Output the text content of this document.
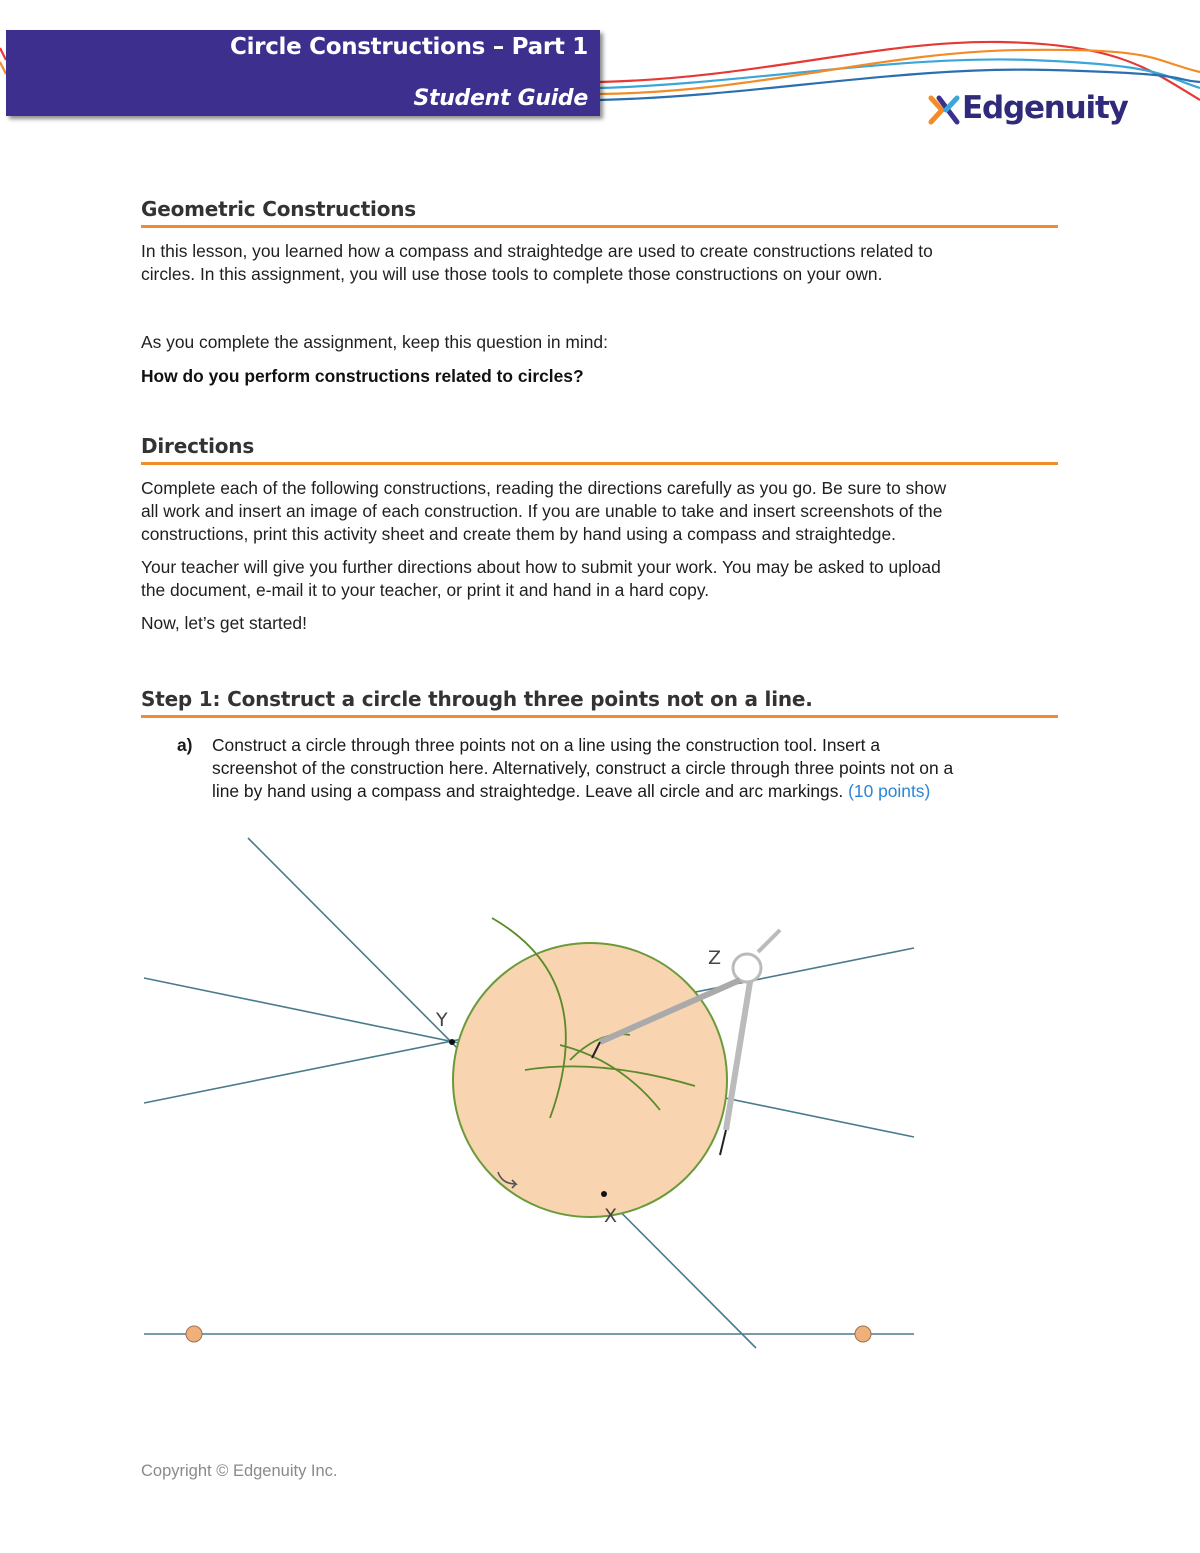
Circle Constructions – Part 1
Student Guide	Edgenuity
Geometric Constructions

In this lesson, you learned how a compass and straightedge are used to create constructions related to
circles. In this assignment, you will use those tools to complete those constructions on your own.

As you complete the assignment, keep this question in mind:

How do you perform constructions related to circles?

Directions

Complete each of the following constructions, reading the directions carefully as you go. Be sure to show
all work and insert an image of each construction. If you are unable to take and insert screenshots of the
constructions, print this activity sheet and create them by hand using a compass and straightedge.

Your teacher will give you further directions about how to submit your work. You may be asked to upload
the document, e-mail it to your teacher, or print it and hand in a hard copy.

Now, let’s get started!

Step 1: Construct a circle through three points not on a line.
a) Construct a circle through three points not on a line using the construction tool. Insert a
screenshot of the construction here. Alternatively, construct a circle through three points not on a
line by hand using a compass and straightedge. Leave all circle and arc markings. (10 points)
Z
Y
X
Copyright © Edgenuity Inc.
